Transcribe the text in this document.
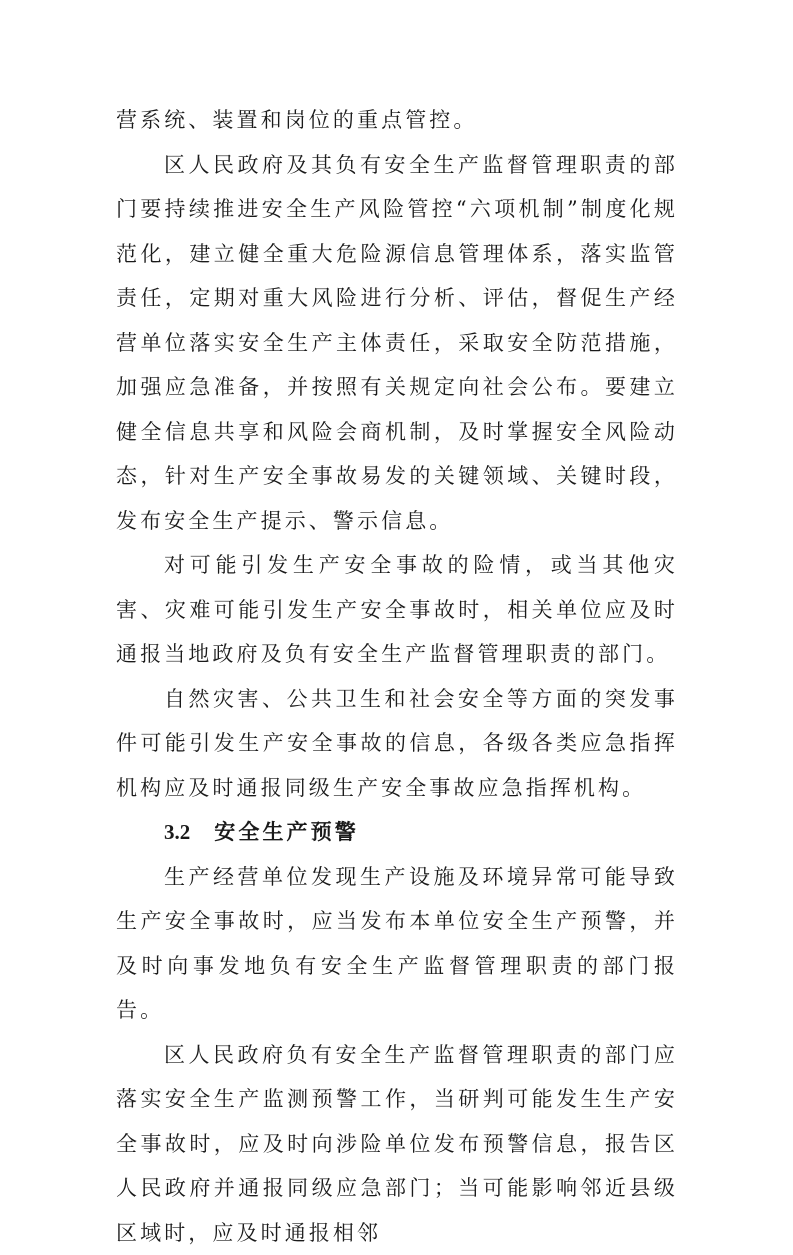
营系统、装置和岗位的重点管控。

区人民政府及其负有安全生产监督管理职责的部门要持续推进安全生产风险管控“六项机制”制度化规范化，建立健全重大危险源信息管理体系，落实监管责任，定期对重大风险进行分析、评估，督促生产经营单位落实安全生产主体责任，采取安全防范措施，加强应急准备，并按照有关规定向社会公布。要建立健全信息共享和风险会商机制，及时掌握安全风险动态，针对生产安全事故易发的关键领域、关键时段，发布安全生产提示、警示信息。

对可能引发生产安全事故的险情，或当其他灾害、灾难可能引发生产安全事故时，相关单位应及时通报当地政府及负有安全生产监督管理职责的部门。

自然灾害、公共卫生和社会安全等方面的突发事件可能引发生产安全事故的信息，各级各类应急指挥机构应及时通报同级生产安全事故应急指挥机构。

3.2 安全生产预警

生产经营单位发现生产设施及环境异常可能导致生产安全事故时，应当发布本单位安全生产预警，并及时向事发地负有安全生产监督管理职责的部门报告。

区人民政府负有安全生产监督管理职责的部门应落实安全生产监测预警工作，当研判可能发生生产安全事故时，应及时向涉险单位发布预警信息，报告区人民政府并通报同级应急部门；当可能影响邻近县级区域时，应及时通报相邻
